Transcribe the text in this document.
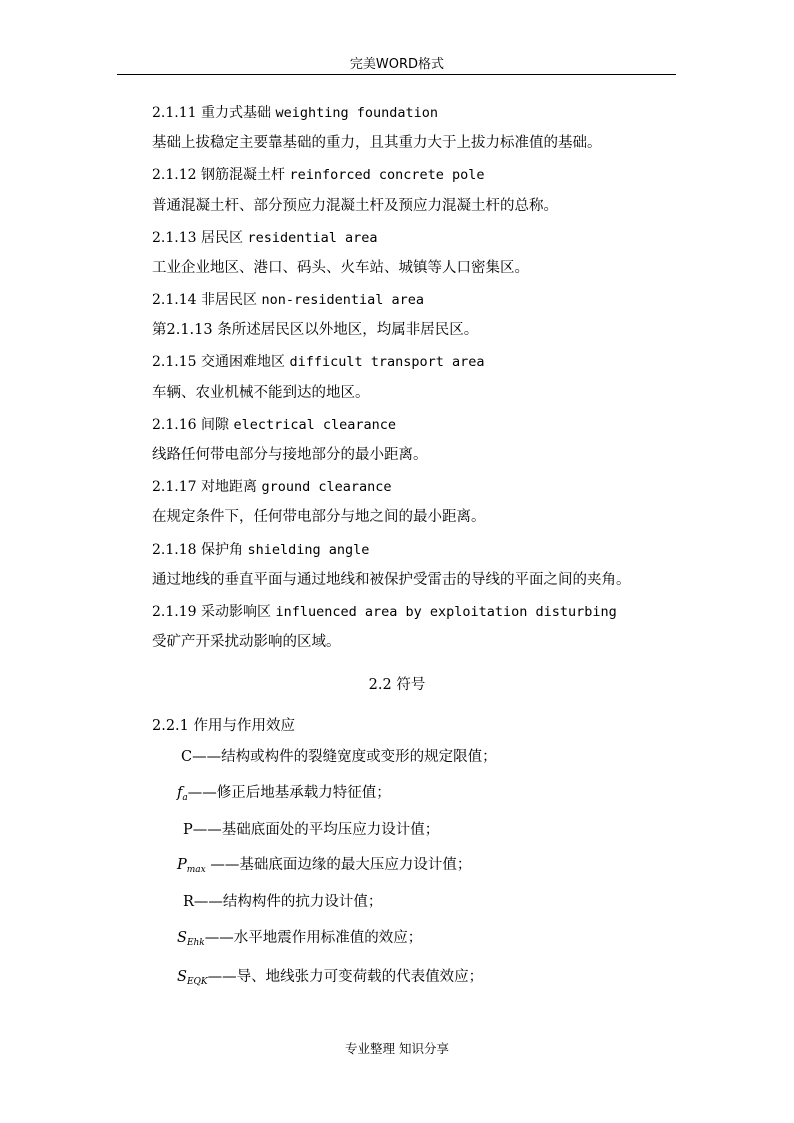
完美WORD格式
2.1.11 重力式基础 weighting foundation
基础上拔稳定主要靠基础的重力，且其重力大于上拔力标准值的基础。
2.1.12 钢筋混凝土杆 reinforced concrete pole
普通混凝土杆、部分预应力混凝土杆及预应力混凝土杆的总称。
2.1.13 居民区 residential area
工业企业地区、港口、码头、火车站、城镇等人口密集区。
2.1.14 非居民区 non-residential area
第2.1.13 条所述居民区以外地区，均属非居民区。
2.1.15 交通困难地区 difficult transport area
车辆、农业机械不能到达的地区。
2.1.16 间隙 electrical clearance
线路任何带电部分与接地部分的最小距离。
2.1.17 对地距离 ground clearance
在规定条件下，任何带电部分与地之间的最小距离。
2.1.18 保护角 shielding angle
通过地线的垂直平面与通过地线和被保护受雷击的导线的平面之间的夹角。
2.1.19 采动影响区 influenced area by exploitation disturbing
受矿产开采扰动影响的区域。
2.2 符号
2.2.1 作用与作用效应
C——结构或构件的裂缝宽度或变形的规定限值；
$f_a——$修正后地基承载力特征值；
P——基础底面处的平均压应力设计值；
$P_{max}$ ——基础底面边缘的最大压应力设计值；
R——结构构件的抗力设计值；
$S_{Ehk}——$水平地震作用标准值的效应；
$S_{EQK}——$导、地线张力可变荷载的代表值效应；
专业整理 知识分享
